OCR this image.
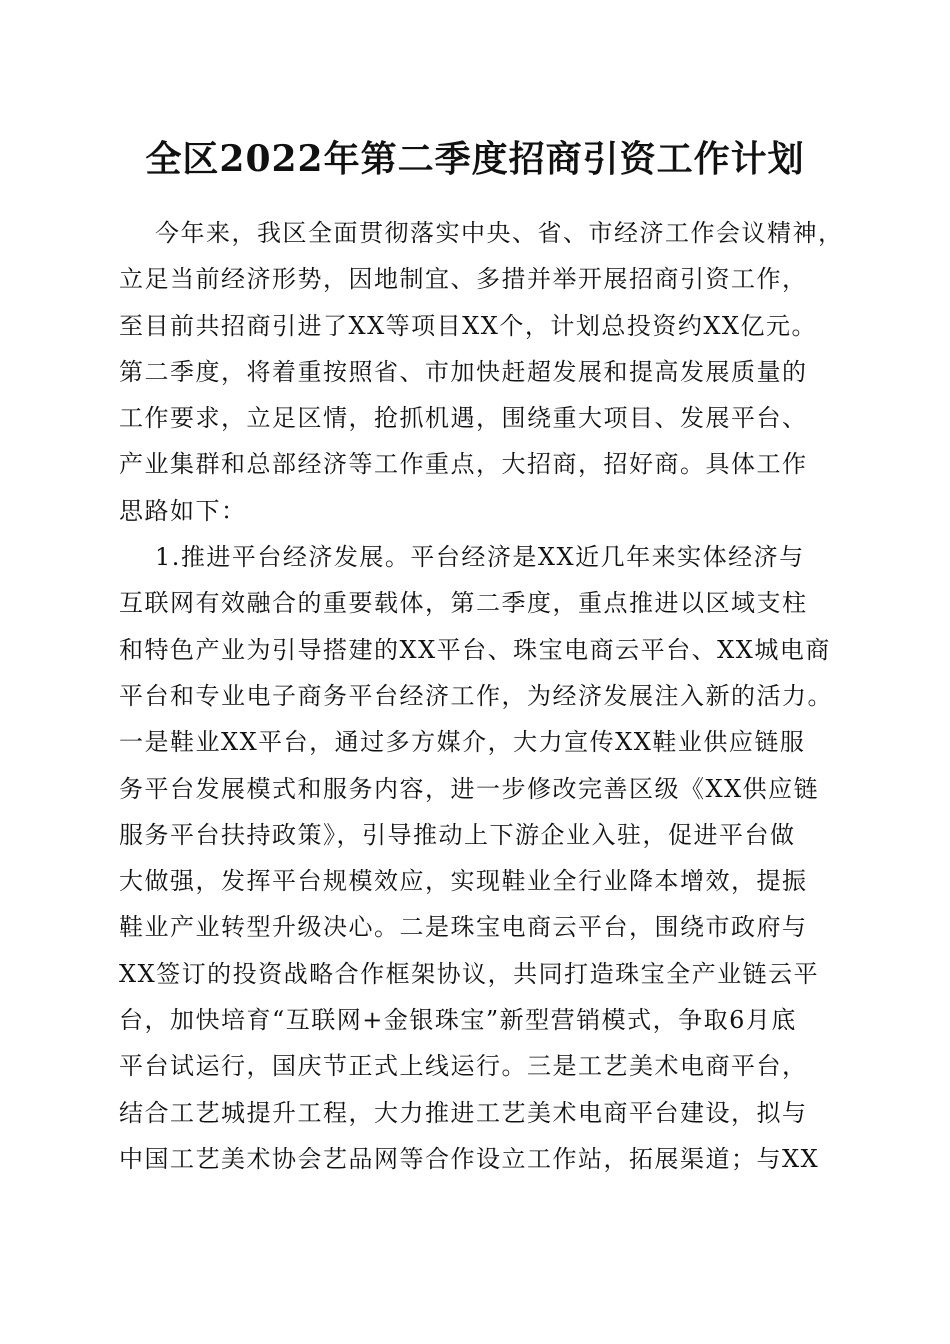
全区2022年第二季度招商引资工作计划
今年来，我区全面贯彻落实中央、省、市经济工作会议精神，
立足当前经济形势，因地制宜、多措并举开展招商引资工作，
至目前共招商引进了XX等项目XX个，计划总投资约XX亿元。
第二季度，将着重按照省、市加快赶超发展和提高发展质量的
工作要求，立足区情，抢抓机遇，围绕重大项目、发展平台、
产业集群和总部经济等工作重点，大招商，招好商。具体工作
思路如下：
1.推进平台经济发展。平台经济是XX近几年来实体经济与
互联网有效融合的重要载体，第二季度，重点推进以区域支柱
和特色产业为引导搭建的XX平台、珠宝电商云平台、XX城电商
平台和专业电子商务平台经济工作，为经济发展注入新的活力。
一是鞋业XX平台，通过多方媒介，大力宣传XX鞋业供应链服
务平台发展模式和服务内容，进一步修改完善区级《XX供应链
服务平台扶持政策》，引导推动上下游企业入驻，促进平台做
大做强，发挥平台规模效应，实现鞋业全行业降本增效，提振
鞋业产业转型升级决心。二是珠宝电商云平台，围绕市政府与
XX签订的投资战略合作框架协议，共同打造珠宝全产业链云平
台，加快培育“互联网+金银珠宝”新型营销模式，争取6月底
平台试运行，国庆节正式上线运行。三是工艺美术电商平台，
结合工艺城提升工程，大力推进工艺美术电商平台建设，拟与
中国工艺美术协会艺品网等合作设立工作站，拓展渠道；与XX
